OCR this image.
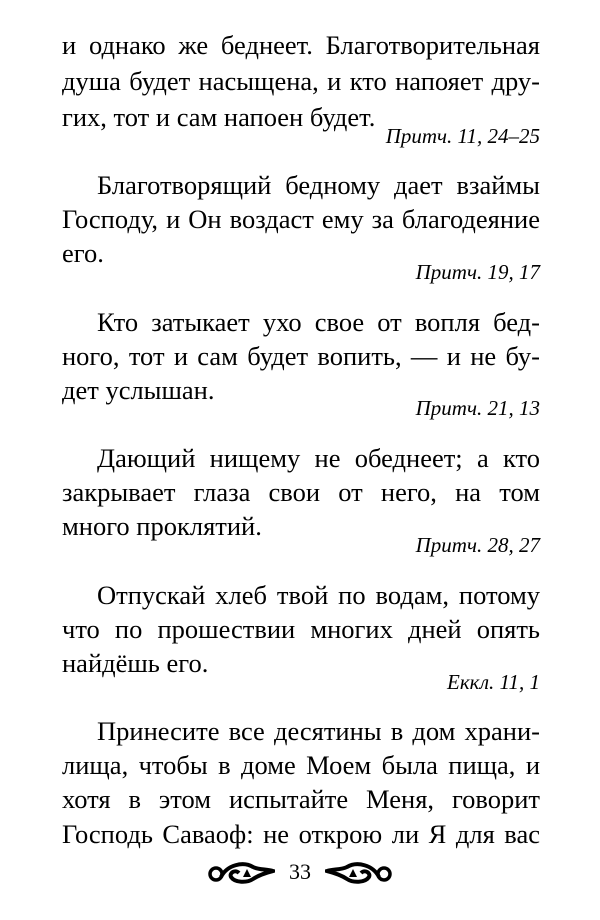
и однако же беднеет. Благотворительная
душа будет насыщена, и кто напояет дру-
гих, тот и сам напоен будет.
Притч. 11, 24–25
Благотворящий бедному дает взаймы
Господу, и Он воздаст ему за благодеяние
его.
Притч. 19, 17
Кто затыкает ухо свое от вопля бед-
ного, тот и сам будет вопить, — и не бу-
дет услышан.
Притч. 21, 13
Дающий нищему не обеднеет; а кто
закрывает глаза свои от него, на том
много проклятий.
Притч. 28, 27
Отпускай хлеб твой по водам, потому
что по прошествии многих дней опять
найдёшь его.
Еккл. 11, 1
Принесите все десятины в дом храни-
лища, чтобы в доме Моем была пища, и
хотя в этом испытайте Меня, говорит
Господь Саваоф: не открою ли Я для вас
33
